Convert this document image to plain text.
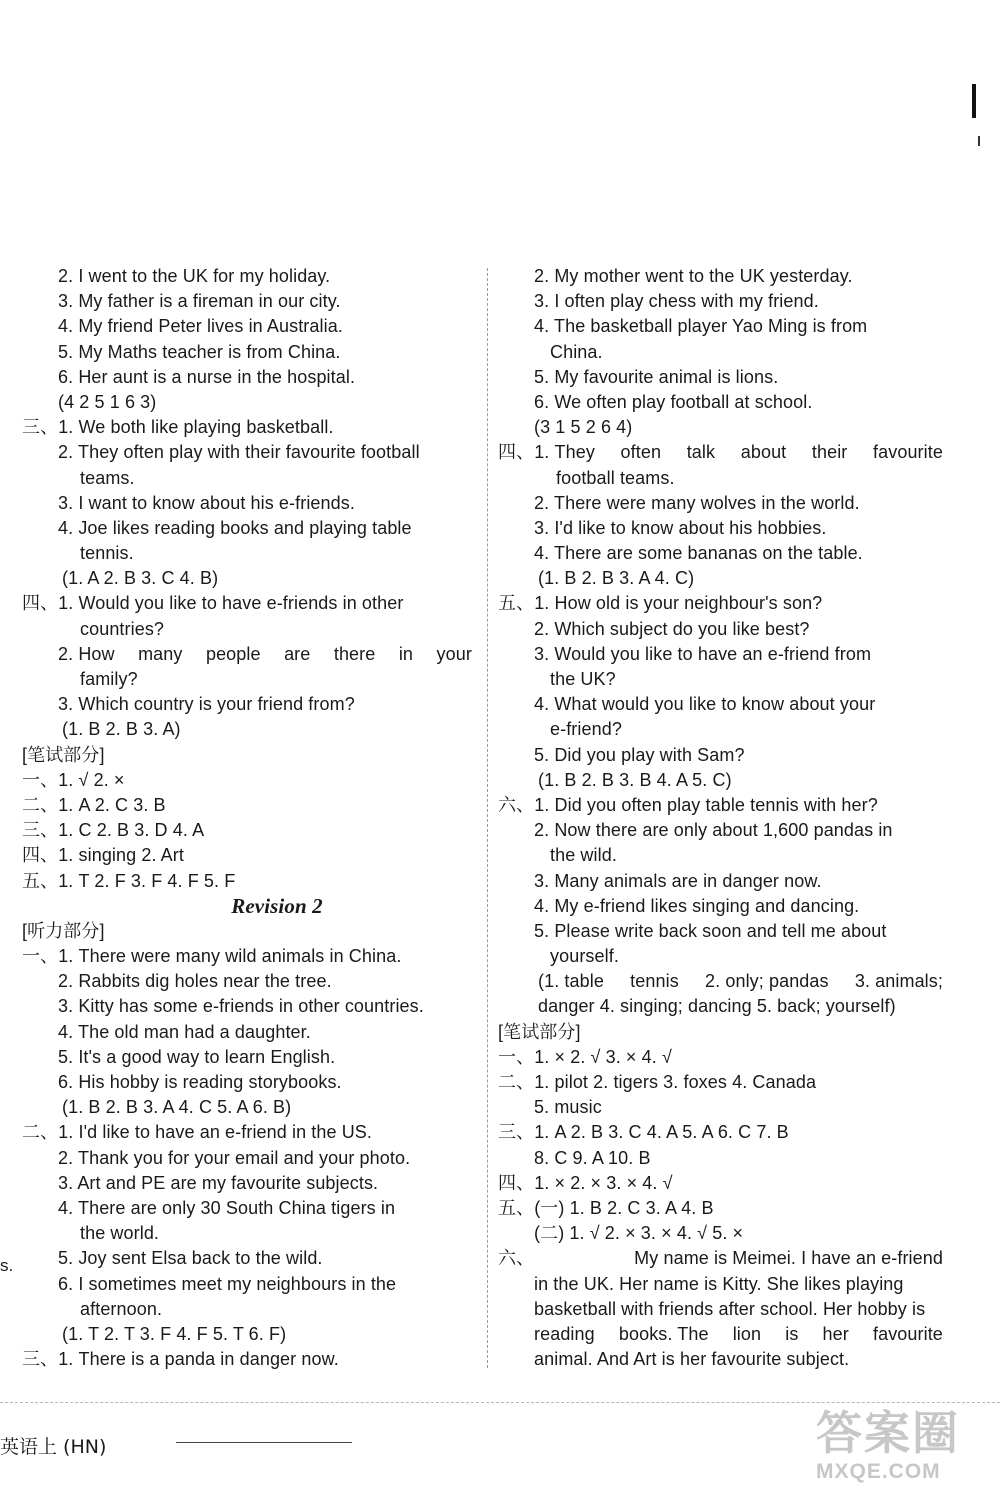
2. I went to the UK for my holiday.
3. My father is a fireman in our city.
4. My friend Peter lives in Australia.
5. My Maths teacher is from China.
6. Her aunt is a nurse in the hospital.
(4 2 5 1 6 3)
三、1. We both like playing basketball.
2. They often play with their favourite football
teams.
3. I want to know about his e-friends.
4. Joe likes reading books and playing table
tennis.
(1. A 2. B 3. C 4. B)
四、1. Would you like to have e-friends in other
countries?
2. How many people are there in your
family?
3. Which country is your friend from?
(1. B 2. B 3. A)
[笔试部分]
一、1. √ 2. ×
二、1. A 2. C 3. B
三、1. C 2. B 3. D 4. A
四、1. singing 2. Art
五、1. T 2. F 3. F 4. F 5. F
Revision 2
[听力部分]
一、1. There were many wild animals in China.
2. Rabbits dig holes near the tree.
3. Kitty has some e-friends in other countries.
4. The old man had a daughter.
5. It's a good way to learn English.
6. His hobby is reading storybooks.
(1. B 2. B 3. A 4. C 5. A 6. B)
二、1. I'd like to have an e-friend in the US.
2. Thank you for your email and your photo.
3. Art and PE are my favourite subjects.
4. There are only 30 South China tigers in
the world.
5. Joy sent Elsa back to the wild.
6. I sometimes meet my neighbours in the
afternoon.
(1. T 2. T 3. F 4. F 5. T 6. F)
三、1. There is a panda in danger now.
2. My mother went to the UK yesterday.
3. I often play chess with my friend.
4. The basketball player Yao Ming is from
China.
5. My favourite animal is lions.
6. We often play football at school.
(3 1 5 2 6 4)
四、1. They often talk about their favourite
football teams.
2. There were many wolves in the world.
3. I'd like to know about his hobbies.
4. There are some bananas on the table.
(1. B 2. B 3. A 4. C)
五、1. How old is your neighbour's son?
2. Which subject do you like best?
3. Would you like to have an e-friend from
the UK?
4. What would you like to know about your
e-friend?
5. Did you play with Sam?
(1. B 2. B 3. B 4. A 5. C)
六、1. Did you often play table tennis with her?
2. Now there are only about 1,600 pandas in
the wild.
3. Many animals are in danger now.
4. My e-friend likes singing and dancing.
5. Please write back soon and tell me about
yourself.
(1. table tennis 2. only; pandas 3. animals;
danger 4. singing; dancing 5. back; yourself)
[笔试部分]
一、1. × 2. √ 3. × 4. √
二、1. pilot 2. tigers 3. foxes 4. Canada
5. music
三、1. A 2. B 3. C 4. A 5. A 6. C 7. B
8. C 9. A 10. B
四、1. × 2. × 3. × 4. √
五、(一) 1. B 2. C 3. A 4. B
(二) 1. √ 2. × 3. × 4. √ 5. ×
六、	My name is Meimei. I have an e-friend
in the UK. Her name is Kitty. She likes playing
basketball with friends after school. Her hobby is
reading books. The lion is her favourite
animal. And Art is her favourite subject.
s.
英语上 (HN)	答案圈
MXQE.COM
